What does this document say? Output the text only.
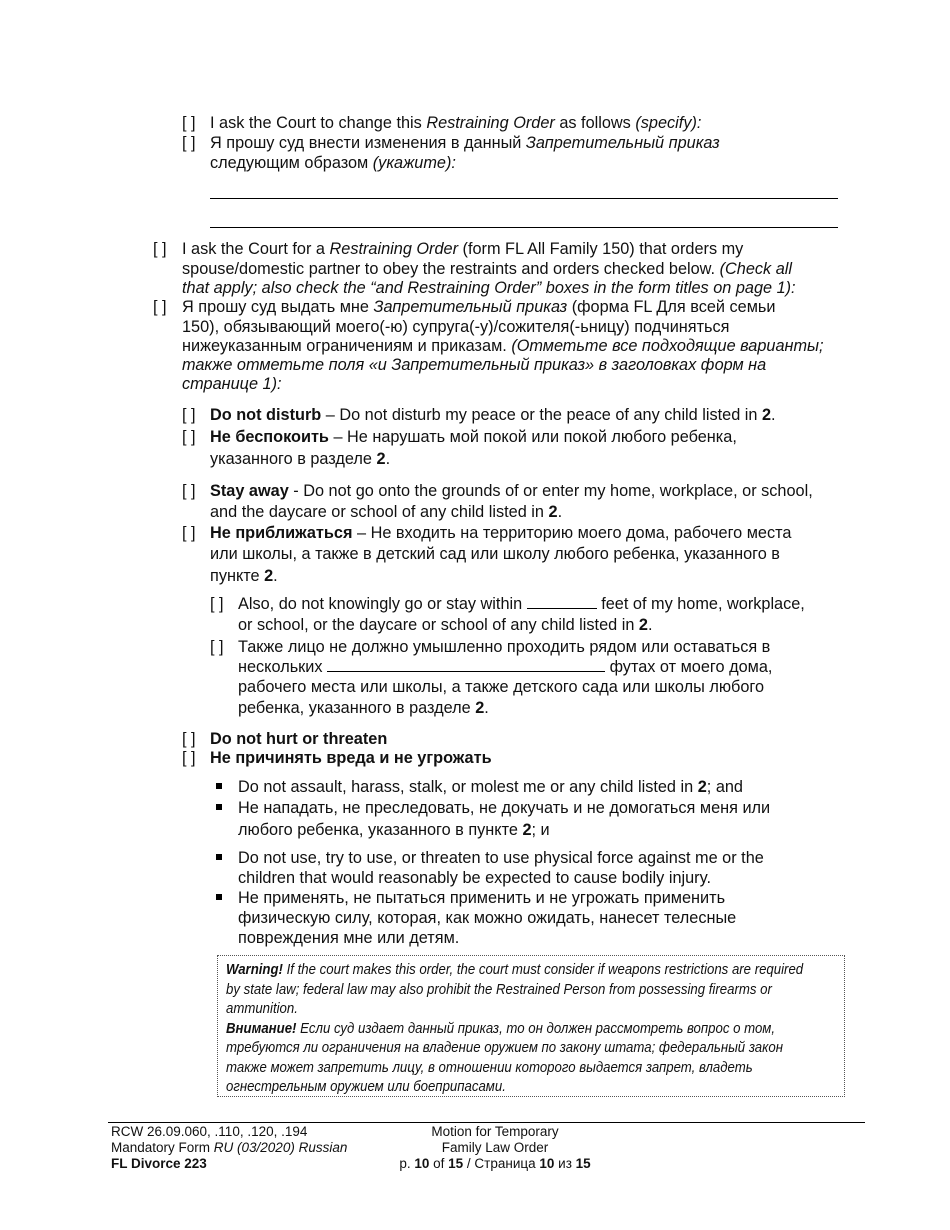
[ ] I ask the Court to change this Restraining Order as follows (specify):
[ ] Я прошу суд внести изменения в данный Запретительный приказ
следующим образом (укажите):
[ ] I ask the Court for a Restraining Order (form FL All Family 150) that orders my
spouse/domestic partner to obey the restraints and orders checked below. (Check all
that apply; also check the “and Restraining Order” boxes in the form titles on page 1):
[ ] Я прошу суд выдать мне Запретительный приказ (форма FL Для всей семьи
150), обязывающий моего(-ю) супруга(-у)/сожителя(-ьницу) подчиняться
нижеуказанным ограничениям и приказам. (Отметьте все подходящие варианты;
также отметьте поля «и Запретительный приказ» в заголовках форм на
странице 1):
[ ] Do not disturb – Do not disturb my peace or the peace of any child listed in 2.
[ ] Не беспокоить – Не нарушать мой покой или покой любого ребенка,
указанного в разделе 2.
[ ] Stay away - Do not go onto the grounds of or enter my home, workplace, or school,
and the daycare or school of any child listed in 2.
[ ] Не приближаться – Не входить на территорию моего дома, рабочего места
или школы, а также в детский сад или школу любого ребенка, указанного в
пункте 2.
[ ] Also, do not knowingly go or stay within	feet of my home, workplace,
or school, or the daycare or school of any child listed in 2.
[ ] Также лицо не должно умышленно проходить рядом или оставаться в
нескольких	футах от моего дома,
рабочего места или школы, а также детского сада или школы любого
ребенка, указанного в разделе 2.
[ ] Do not hurt or threaten
[ ] Не причинять вреда и не угрожать
Do not assault, harass, stalk, or molest me or any child listed in 2; and
Не нападать, не преследовать, не докучать и не домогаться меня или
любого ребенка, указанного в пункте 2; и
Do not use, try to use, or threaten to use physical force against me or the
children that would reasonably be expected to cause bodily injury.
Не применять, не пытаться применить и не угрожать применить
физическую силу, которая, как можно ожидать, нанесет телесные
повреждения мне или детям.
Warning! If the court makes this order, the court must consider if weapons restrictions are required
by state law; federal law may also prohibit the Restrained Person from possessing firearms or
ammunition.
Внимание! Если суд издает данный приказ, то он должен рассмотреть вопрос о том,
требуются ли ограничения на владение оружием по закону штата; федеральный закон
также может запретить лицу, в отношении которого выдается запрет, владеть
огнестрельным оружием или боеприпасами.
RCW 26.09.060, .110, .120, .194
Mandatory Form RU (03/2020) Russian
FL Divorce 223
Motion for Temporary
Family Law Order
p. 10 of 15 / Страница 10 из 15
